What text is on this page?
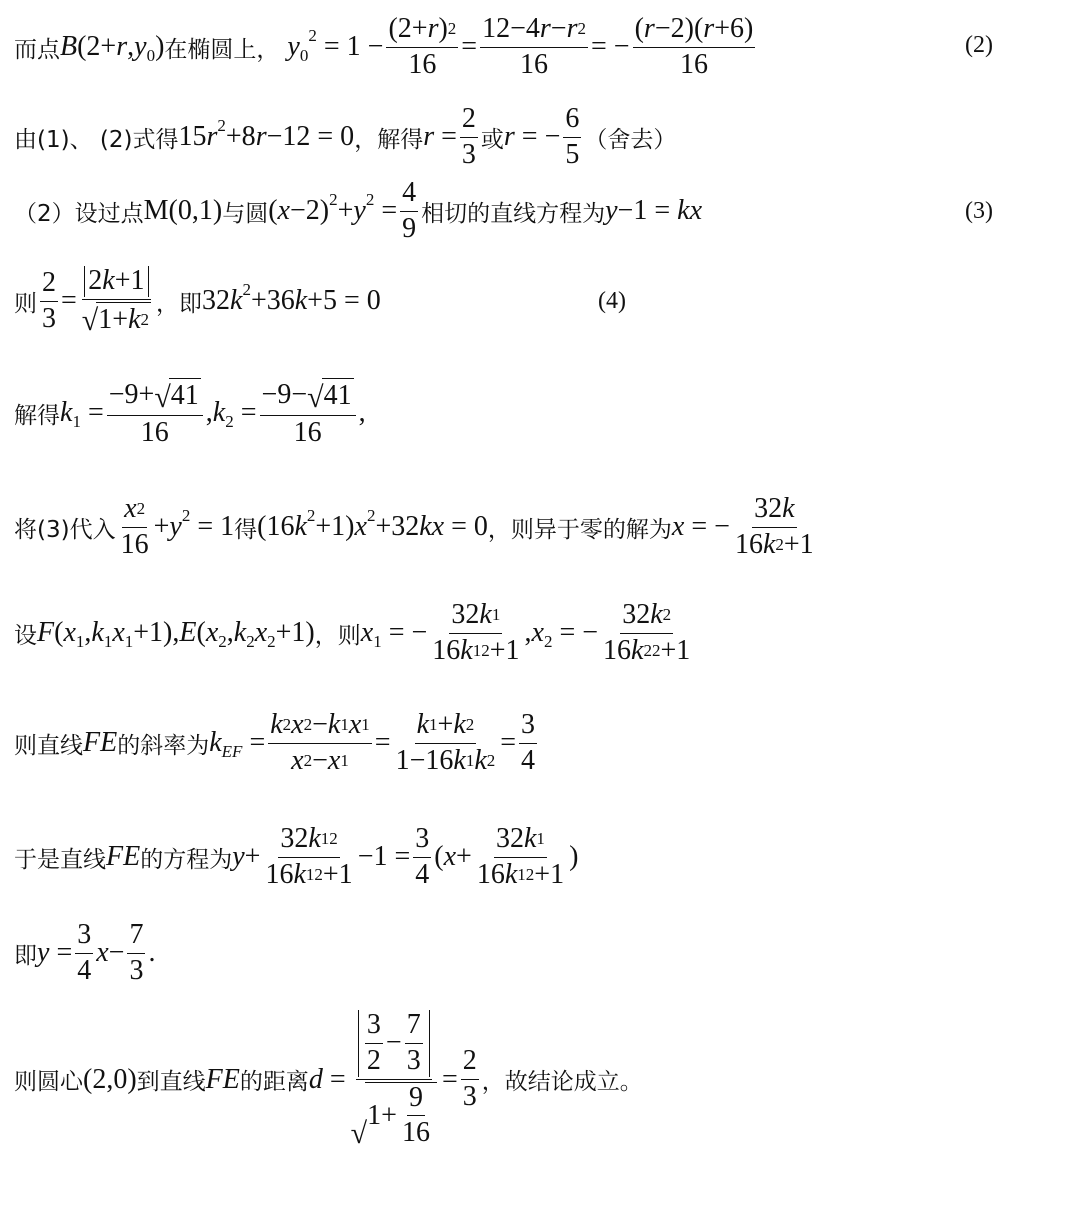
而点 $B(2+r,y_0)$ 在椭圆上， $y_0^2 = 1 - \frac{(2+ r ) 2}{16} = \frac{12-4 r - r 2}{16}$ = − $\frac{( r -2)( r +6)}{16}$	(2)
由(1)、 (2)式得 $15r^2+8r-12 = 0$ ，解得 $r = \frac{2}{3}$ 或 r = − $\frac{6}{5}$ （舍去）
（2）设过点 M(0,1) 与圆 $(x-2)^2+y^2 = \frac{4}{9}$ 相切的直线方程为 y−1 = kx	(3)
则 $\frac{2}{3} = \frac{2 k +1}{√ 1+ k 2}$ ，即 $32k^2+36k+5 = 0$	(4)
解得 $k_1 = \frac{-9+ √ 41}{16} ,k_2 = \frac{-9- √ 41}{16}$ ,
将(3)代入 $\frac{x 2}{16} +y^2 = 1$ 得 $(16k^2+1)x^2+32kx = 0$ ，则异于零的解为 x = − $\frac{32 k}{16 k 2 +1}$
设 $F(x_1,k_1x_1+1),E(x_2,k_2x_2+1)$ ，则 $x_1$ = − $\frac{32 k 1}{16 k 1 2 +1} ,x_2$ = − $\frac{32 k 2}{16 k 2 2 +1}$
则直线 FE 的斜率为 $k_{EF} = \frac{k 2 x 2 - k 1 x 1}{x 2 - x 1} = \frac{k 1 + k 2}{1-16 k 1 k 2} = \frac{3}{4}$
于是直线 FE 的方程为 $y+ \frac{32 k 1 2}{16 k 1 2 +1} -1 = \frac{3}{4} (x+ \frac{32 k 1}{16 k 1 2 +1}$ )
即 $y = \frac{3}{4} x- \frac{7}{3}$ .
则圆心 (2,0) 到直线 FE 的距离 $d = \frac{3}{2} - \frac{7}{3}$
√
$1+ \frac{9}{16} = \frac{2}{3}$ ，故结论成立。
